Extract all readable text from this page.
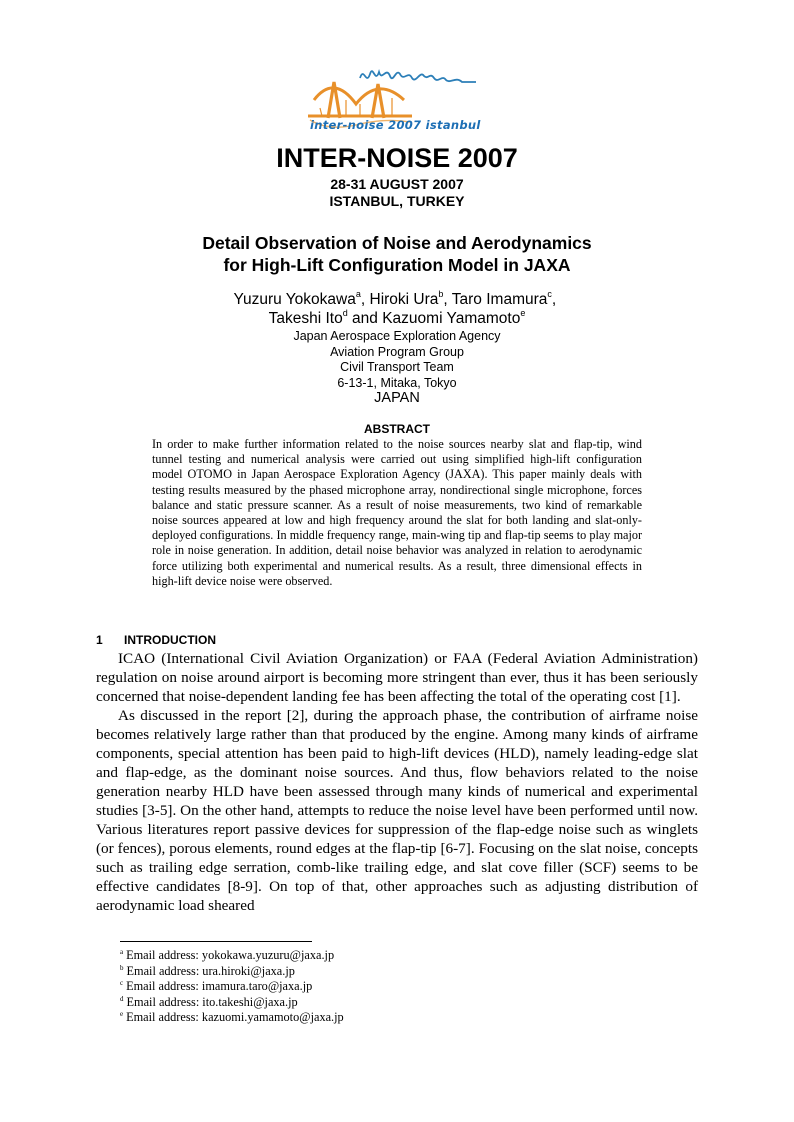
inter-noise 2007 istanbul
INTER-NOISE 2007
28-31 AUGUST 2007
ISTANBUL, TURKEY
Detail Observation of Noise and Aerodynamics
for High-Lift Configuration Model in JAXA
Yuzuru Yokokawa$^a$, Hiroki Ura$^b$, Taro Imamura$^c$,
Takeshi Ito$^d$ and Kazuomi Yamamoto$^e$
Japan Aerospace Exploration Agency
Aviation Program Group
Civil Transport Team
6-13-1, Mitaka, Tokyo
JAPAN
ABSTRACT

In order to make further information related to the noise sources nearby slat and flap-tip, wind tunnel testing and numerical analysis were carried out using simplified high-lift configuration model OTOMO in Japan Aerospace Exploration Agency (JAXA). This paper mainly deals with testing results measured by the phased microphone array, nondirectional single microphone, forces balance and static pressure scanner. As a result of noise measurements, two kind of remarkable noise sources appeared at low and high frequency around the slat for both landing and slat-only-deployed configurations. In middle frequency range, main-wing tip and flap-tip seems to play major role in noise generation. In addition, detail noise behavior was analyzed in relation to aerodynamic force utilizing both experimental and numerical results. As a result, three dimensional effects in high-lift device noise were observed.

1 INTRODUCTION

ICAO (International Civil Aviation Organization) or FAA (Federal Aviation Administration) regulation on noise around airport is becoming more stringent than ever, thus it has been seriously concerned that noise-dependent landing fee has been affecting the total of the operating cost [1].

As discussed in the report [2], during the approach phase, the contribution of airframe noise becomes relatively large rather than that produced by the engine. Among many kinds of airframe components, special attention has been paid to high-lift devices (HLD), namely leading-edge slat and flap-edge, as the dominant noise sources. And thus, flow behaviors related to the noise generation nearby HLD have been assessed through many kinds of numerical and experimental studies [3-5]. On the other hand, attempts to reduce the noise level have been performed until now. Various literatures report passive devices for suppression of the flap-edge noise such as winglets (or fences), porous elements, round edges at the flap-tip [6-7]. Focusing on the slat noise, concepts such as trailing edge serration, comb-like trailing edge, and slat cove filler (SCF) seems to be effective candidates [8-9]. On top of that, other approaches such as adjusting distribution of aerodynamic load sheared

$^a$ Email address: yokokawa.yuzuru@jaxa.jp
$^b$ Email address: ura.hiroki@jaxa.jp
$^c$ Email address: imamura.taro@jaxa.jp
$^d$ Email address: ito.takeshi@jaxa.jp
$^e$ Email address: kazuomi.yamamoto@jaxa.jp
